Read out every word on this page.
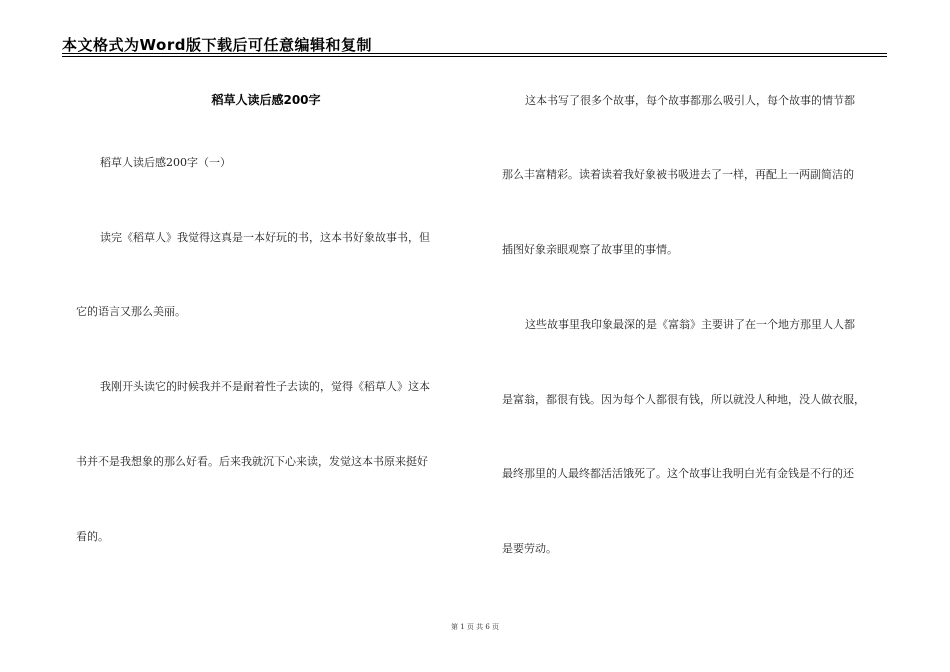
本文格式为Word版下载后可任意编辑和复制
稻草人读后感200字
稻草人读后感200字（一）
读完《稻草人》我觉得这真是一本好玩的书，这本书好象故事书，但
它的语言又那么美丽。
我刚开头读它的时候我并不是耐着性子去读的，觉得《稻草人》这本
书并不是我想象的那么好看。后来我就沉下心来读，发觉这本书原来挺好
看的。
这本书写了很多个故事，每个故事都那么吸引人，每个故事的情节都
那么丰富精彩。读着读着我好象被书吸进去了一样，再配上一两副简洁的
插图好象亲眼观察了故事里的事情。
这些故事里我印象最深的是《富翁》主要讲了在一个地方那里人人都
是富翁，都很有钱。因为每个人都很有钱，所以就没人种地，没人做衣服，
最终那里的人最终都活活饿死了。这个故事让我明白光有金钱是不行的还
是要劳动。
第 1 页 共 6 页
